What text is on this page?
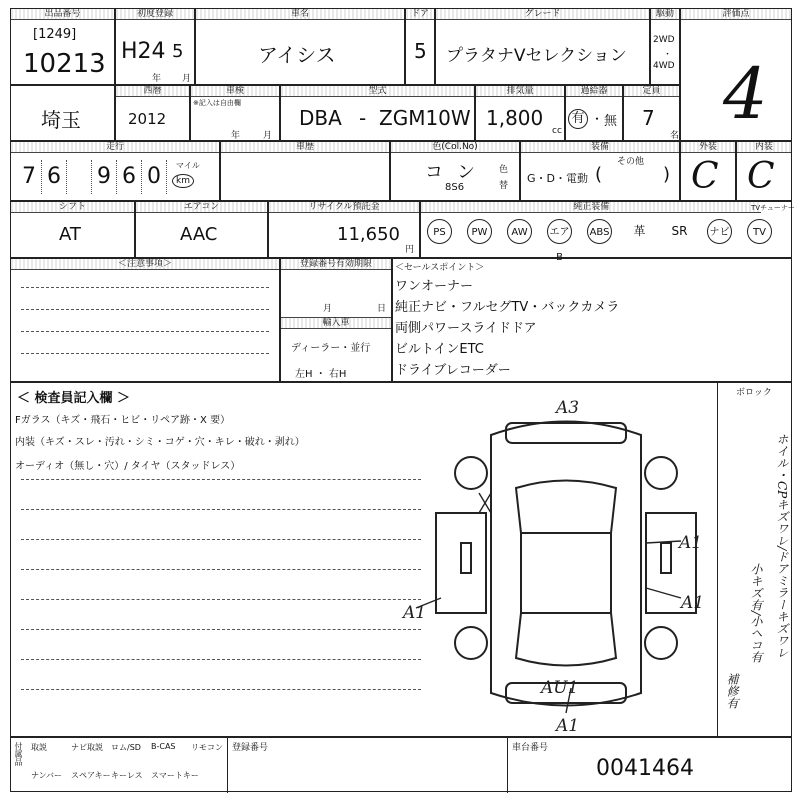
出品番号
[1249]
10213
初度登録
H24 5
年 月
車名
アイシス
ドア
5
グレード
プラタナVセレクション
駆動
2WD
・
4WD
評価点
4
埼玉
西暦
2012
車検
※記入は自由欄
年	月
型式
DBA - ZGM10W
排気量
1,800
cc
過給器
有 ・ 無
定員
7
名
走行
7 6 9 6 0	マイル
km
車歴	色(Col.No)
コン
8S6
色
替
装備
G・D・電動 (	)
その他
外装
C
内装
C
シフト
AT
エアコン
AAC
リサイクル預託金
11,650
円
純正装備	TVチューナー
PS	PW	AW	エアB
ABS	革	SR	ナビ	TV
＜注意事項＞	登録番号有効期限
月	日
輸入車
ディーラー・並行
左H ・ 右H
＜セールスポイント＞
ワンオーナー
純正ナビ・フルセグTV・バックカメラ
両側パワースライドドア
ビルトインETC
ドライブレコーダー
＜ 検査員記入欄 ＞
Fガラス（キズ・飛石・ヒビ・リペア跡・X 要）
内装（キズ・スレ・汚れ・シミ・コゲ・穴・キレ・破れ・剥れ）
オーディオ（無し・穴）/ タイヤ（スタッドレス）
A3
A1
A1
A1
AU1
A1
ボロック
ホイル・CPキズワレ/ドアミラーキズワレ
小キズ有/小ヘコ有
補修有
付属品 取説	ナビ取説 ロム/SD B-CAS リモコン
ナンバー スペアキー キーレス スマートキー
登録番号	車台番号
0041464
